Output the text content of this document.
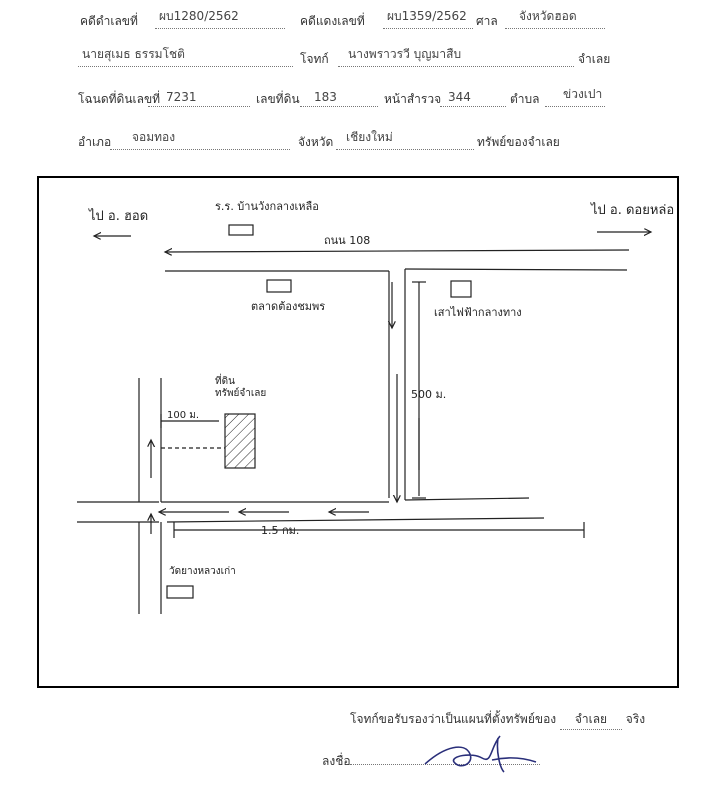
คดีดำเลขที่ ผบ1280/2562	คดีแดงเลขที่ ผบ1359/2562 ศาล จังหวัดฮอด
นายสุเมธ ธรรมโชติ	โจทก์ นางพราวรวี บุญมาสืบ	จำเลย
โฉนดที่ดินเลขที่ 7231	เลขที่ดิน 183	หน้าสำรวจ 344	ตำบล ข่วงเปา
อำเภอ จอมทอง	จังหวัด เชียงใหม่	ทรัพย์ของจำเลย
ไป อ. ฮอด	ไป อ. ดอยหล่อ
ร.ร. บ้านวังกลางเหลือ
ถนน 108
ตลาดต้องชมพร	เสาไฟฟ้ากลางทาง
500 ม.
ที่ดิน
ทรัพย์จำเลย
100 ม.
1.5 กม.
วัดยางหลวงเก่า
โจทก์ขอรับรองว่าเป็นแผนที่ตั้งทรัพย์ของ จำเลย จริง
ลงชื่อ
